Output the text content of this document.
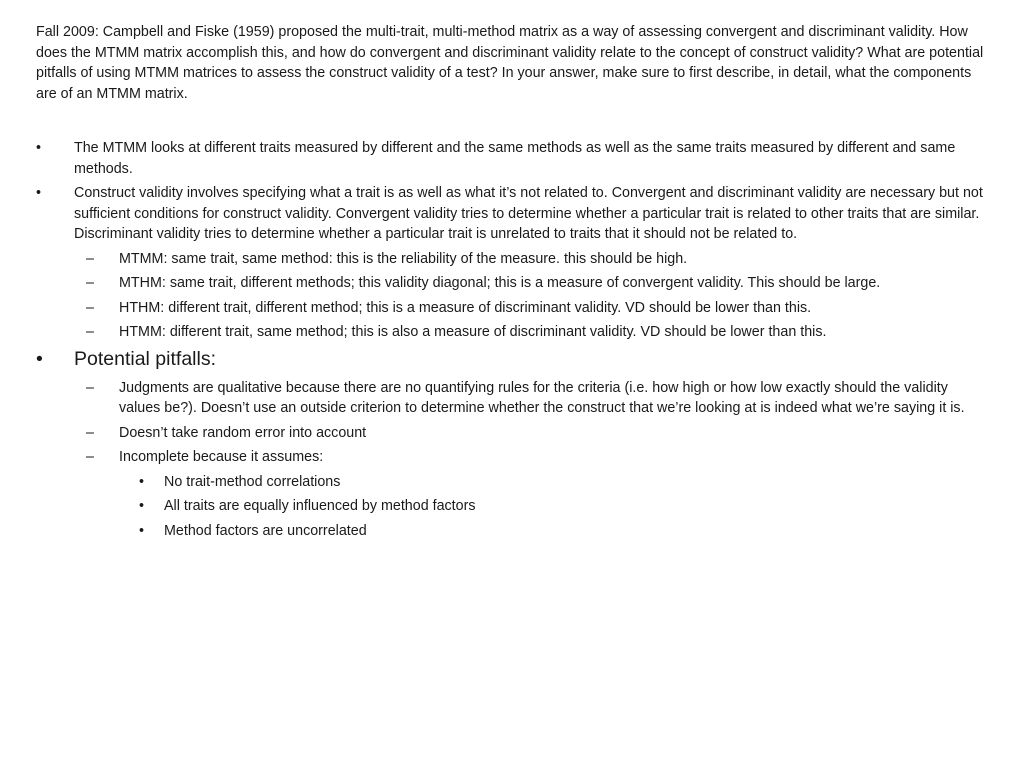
Fall 2009: Campbell and Fiske (1959) proposed the multi-trait, multi-method matrix as a way of assessing convergent and discriminant validity. How does the MTMM matrix accomplish this, and how do convergent and discriminant validity relate to the concept of construct validity? What are potential pitfalls of using MTMM matrices to assess the construct validity of a test? In your answer, make sure to first describe, in detail, what the components are of an MTMM matrix.

• The MTMM looks at different traits measured by different and the same methods as well as the same traits measured by different and same methods.
• Construct validity involves specifying what a trait is as well as what it’s not related to. Convergent and discriminant validity are necessary but not sufficient conditions for construct validity. Convergent validity tries to determine whether a particular trait is related to other traits that are similar. Discriminant validity tries to determine whether a particular trait is unrelated to traits that it should not be related to.
– MTMM: same trait, same method: this is the reliability of the measure. this should be high.
– MTHM: same trait, different methods; this validity diagonal; this is a measure of convergent validity. This should be large.
– HTHM: different trait, different method; this is a measure of discriminant validity. VD should be lower than this.
– HTMM: different trait, same method; this is also a measure of discriminant validity. VD should be lower than this.
• Potential pitfalls:
– Judgments are qualitative because there are no quantifying rules for the criteria (i.e. how high or how low exactly should the validity values be?). Doesn’t use an outside criterion to determine whether the construct that we’re looking at is indeed what we’re saying it is.
– Doesn’t take random error into account
– Incomplete because it assumes:
• No trait-method correlations
• All traits are equally influenced by method factors
• Method factors are uncorrelated
